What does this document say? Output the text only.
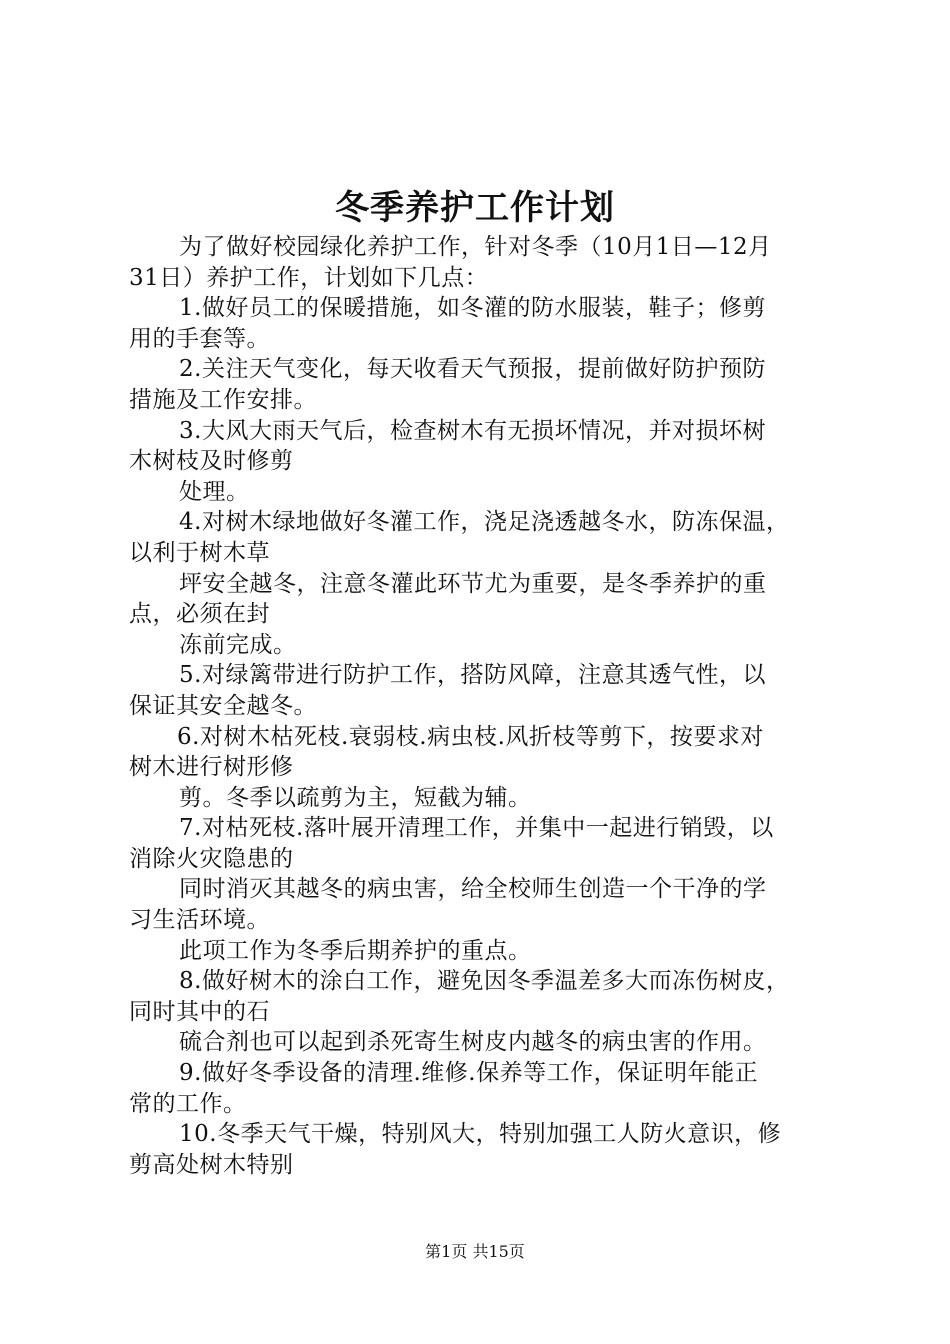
冬季养护工作计划
为了做好校园绿化养护工作，针对冬季（10月1日—12月
31日）养护工作，计划如下几点：
1.做好员工的保暖措施，如冬灌的防水服装，鞋子；修剪
用的手套等。
2.关注天气变化，每天收看天气预报，提前做好防护预防
措施及工作安排。
3.大风大雨天气后，检查树木有无损坏情况，并对损坏树
木树枝及时修剪
处理。
4.对树木绿地做好冬灌工作，浇足浇透越冬水，防冻保温，
以利于树木草
坪安全越冬，注意冬灌此环节尤为重要，是冬季养护的重
点，必须在封
冻前完成。
5.对绿篱带进行防护工作，搭防风障，注意其透气性，以
保证其安全越冬。
6.对树木枯死枝.衰弱枝.病虫枝.风折枝等剪下，按要求对
树木进行树形修
剪。冬季以疏剪为主，短截为辅。
7.对枯死枝.落叶展开清理工作，并集中一起进行销毁，以
消除火灾隐患的
同时消灭其越冬的病虫害，给全校师生创造一个干净的学
习生活环境。
此项工作为冬季后期养护的重点。
8.做好树木的涂白工作，避免因冬季温差多大而冻伤树皮，
同时其中的石
硫合剂也可以起到杀死寄生树皮内越冬的病虫害的作用。
9.做好冬季设备的清理.维修.保养等工作，保证明年能正
常的工作。
10.冬季天气干燥，特别风大，特别加强工人防火意识，修
剪高处树木特别
第1页 共15页
